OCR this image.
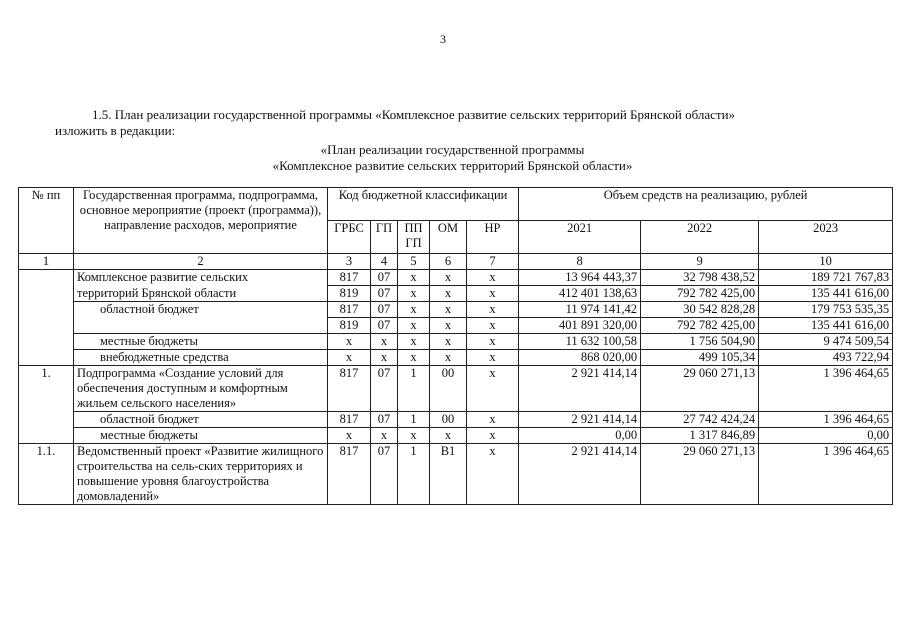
3
1.5. План реализации государственной программы «Комплексное развитие сельских территорий Брянской области»
изложить в редакции:
«План реализации государственной программы
«Комплексное развитие сельских территорий Брянской области»
№ пп	Государственная программа, подпрограмма, основное мероприятие (проект (программа)), направление расходов, мероприятие	Код бюджетной классификации					Объем средств на реализацию, рублей		
		ГРБС	ГП	ПП ГП	ОМ	НР	2021	2022	2023
1	2	3	4	5	6	7	8	9	10
	Комплексное развитие сельских	817	07	х	х	х	13 964 443,37	32 798 438,52	189 721 767,83
	территорий Брянской области	819	07	х	х	х	412 401 138,63	792 782 425,00	135 441 616,00
	областной бюджет	817	07	х	х	х	11 974 141,42	30 542 828,28	179 753 535,35
		819	07	х	х	х	401 891 320,00	792 782 425,00	135 441 616,00
	местные бюджеты	х	х	х	х	х	11 632 100,58	1 756 504,90	9 474 509,54
	внебюджетные средства	х	х	х	х	х	868 020,00	499 105,34	493 722,94
1.	Подпрограмма «Создание условий для обеспечения доступным и комфортным жильем сельского населения»	817	07	1	00	х	2 921 414,14	29 060 271,13	1 396 464,65
	областной бюджет	817	07	1	00	х	2 921 414,14	27 742 424,24	1 396 464,65
	местные бюджеты	х	х	х	х	х	0,00	1 317 846,89	0,00
1.1.	Ведомственный проект «Развитие жилищного строительства на сель-ских территориях и повышение уровня благоустройства домовладений»	817	07	1	В1	х	2 921 414,14	29 060 271,13	1 396 464,65
